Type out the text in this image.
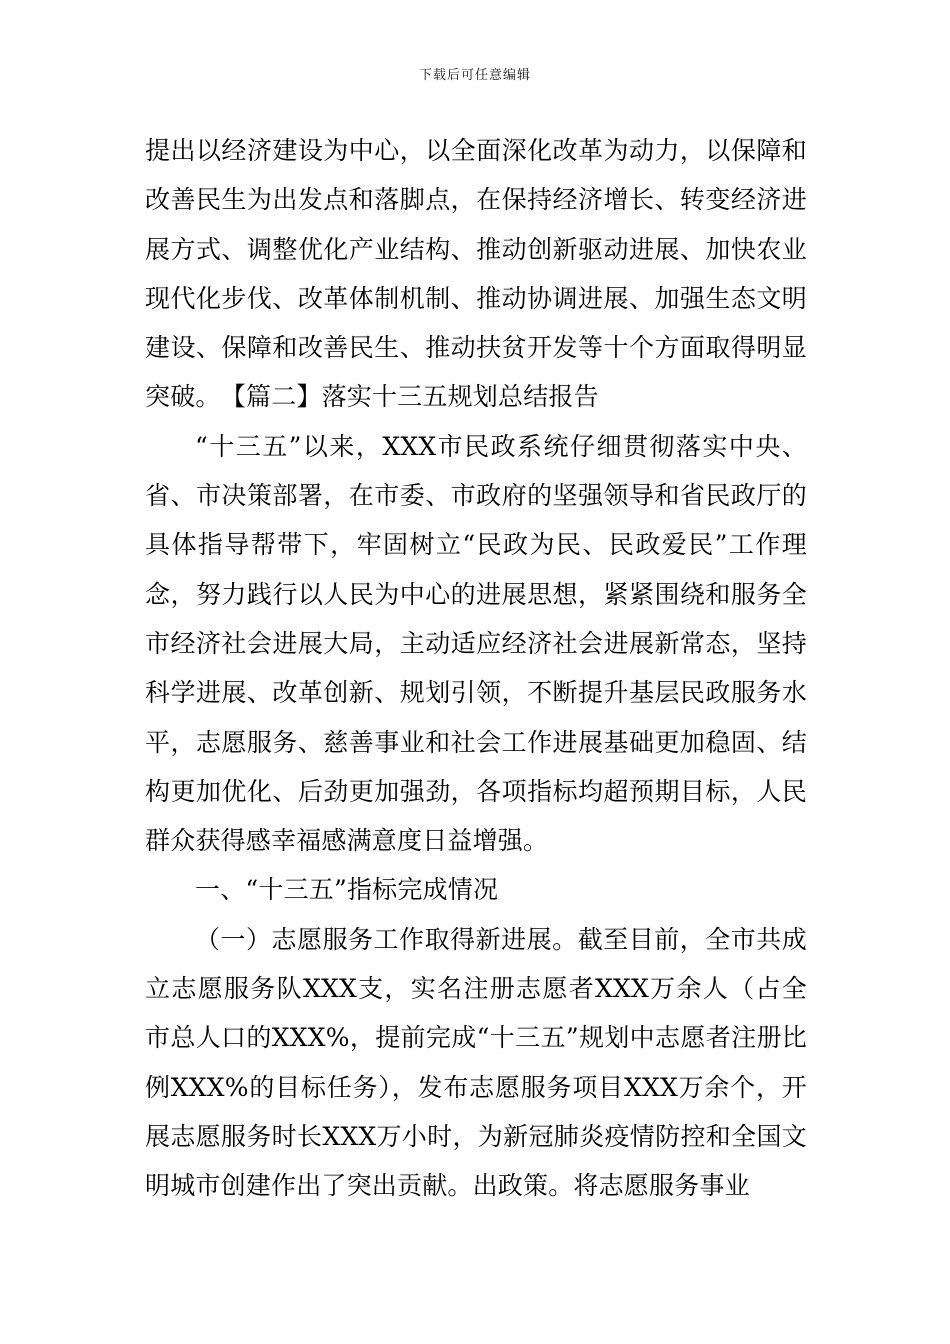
下载后可任意编辑

提出以经济建设为中心，以全面深化改革为动力，以保障和改善民生为出发点和落脚点，在保持经济增长、转变经济进展方式、调整优化产业结构、推动创新驱动进展、加快农业现代化步伐、改革体制机制、推动协调进展、加强生态文明建设、保障和改善民生、推动扶贫开发等十个方面取得明显突破。　【篇二】落实十三五规划总结报告

“十三五”以来，XXX市民政系统仔细贯彻落实中央、省、市决策部署，在市委、市政府的坚强领导和省民政厅的具体指导帮带下，牢固树立“民政为民、民政爱民”工作理念，努力践行以人民为中心的进展思想，紧紧围绕和服务全市经济社会进展大局，主动适应经济社会进展新常态，坚持科学进展、改革创新、规划引领，不断提升基层民政服务水平，志愿服务、慈善事业和社会工作进展基础更加稳固、结构更加优化、后劲更加强劲，各项指标均超预期目标，人民群众获得感幸福感满意度日益增强。

一、“十三五”指标完成情况

（一）志愿服务工作取得新进展。截至目前，全市共成立志愿服务队XXX支，实名注册志愿者XXX万余人（占全市总人口的XXX%，提前完成“十三五”规划中志愿者注册比例XXX%的目标任务），发布志愿服务项目XXX万余个，开展志愿服务时长XXX万小时，为新冠肺炎疫情防控和全国文明城市创建作出了突出贡献。出政策。将志愿服务事业
